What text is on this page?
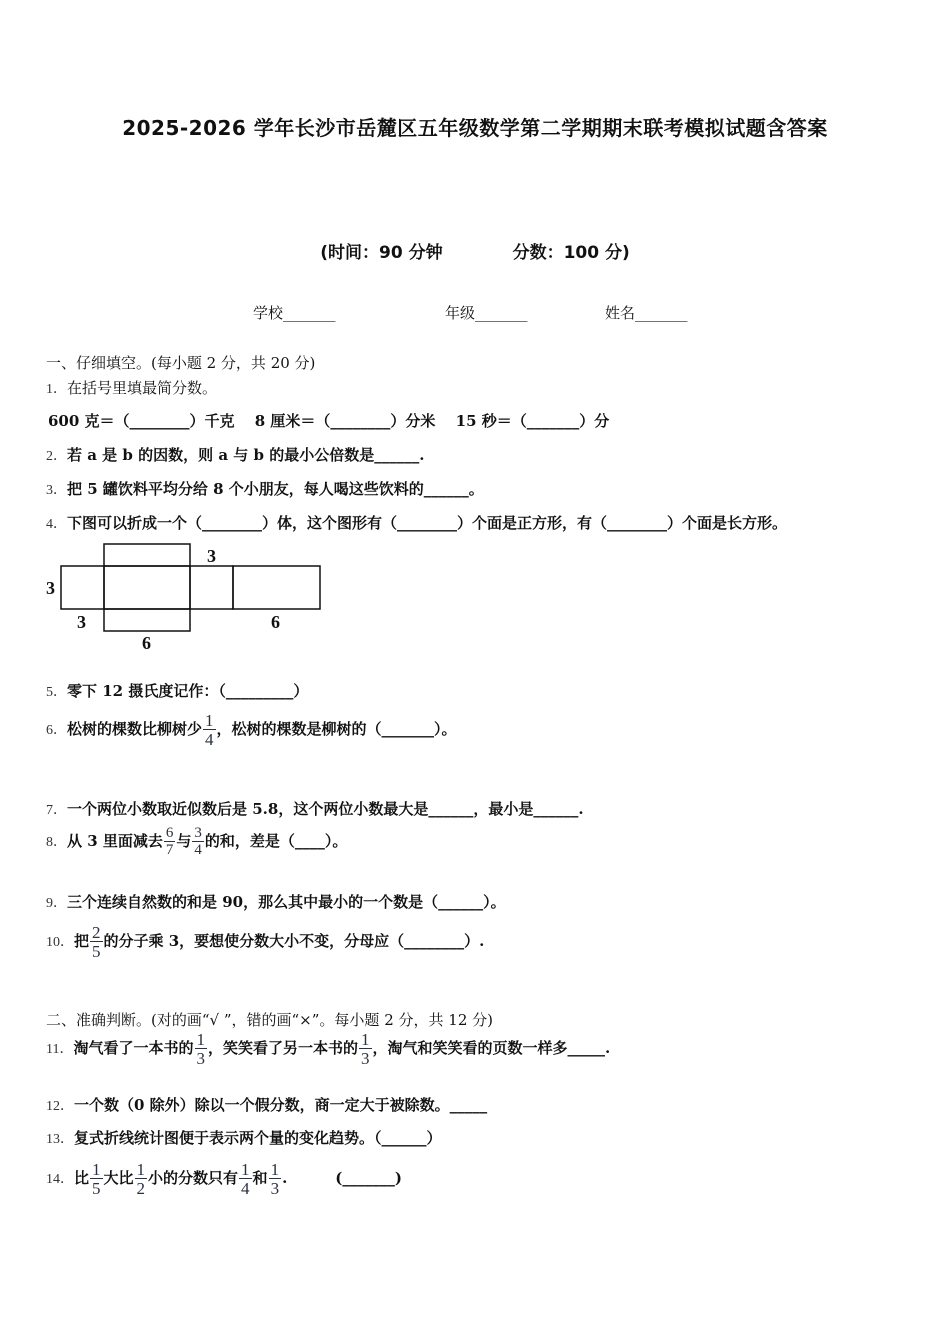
2025-2026 学年长沙市岳麓区五年级数学第二学期期末联考模拟试题含答案
(时间：90 分钟	分数：100 分)
学校_______	年级_______	姓名_______
一、仔细填空。(每小题 2 分，共 20 分)
1．在括号里填最简分数。
600 克＝（________）千克　 8 厘米＝（________）分米　 15 秒＝（_______）分
2．若 a 是 b 的因数，则 a 与 b 的最小公倍数是______.
3．把 5 罐饮料平均分给 8 个小朋友，每人喝这些饮料的______。
4．下图可以折成一个（________）体，这个图形有（________）个面是正方形，有（________）个面是长方形。
3
3
3
6
6
5．零下 12 摄氏度记作：（_________）
6．松树的棵数比柳树少 $\frac{1}{4}$ ，松树的棵数是柳树的（_______）。
7．一个两位小数取近似数后是 5.8，这个两位小数最大是______，最小是______.
8．从 3 里面减去 $\frac{6}{7}$ 与 $\frac{3}{4}$ 的和，差是（____）。
9．三个连续自然数的和是 90，那么其中最小的一个数是（______）。
10．把 $\frac{2}{5}$ 的分子乘 3，要想使分数大小不变，分母应（________）.
二、准确判断。(对的画“√ ”，错的画“×”。每小题 2 分，共 12 分)
11．淘气看了一本书的 $\frac{1}{3}$ ，笑笑看了另一本书的 $\frac{1}{3}$ ，淘气和笑笑看的页数一样多_____.
12．一个数（0 除外）除以一个假分数，商一定大于被除数。_____
13．复式折线统计图便于表示两个量的变化趋势。（______）
14．比 $\frac{1}{5}$ 大比 $\frac{1}{2}$ 小的分数只有 $\frac{1}{4}$ 和 $\frac{1}{3}$ .	(_______)
